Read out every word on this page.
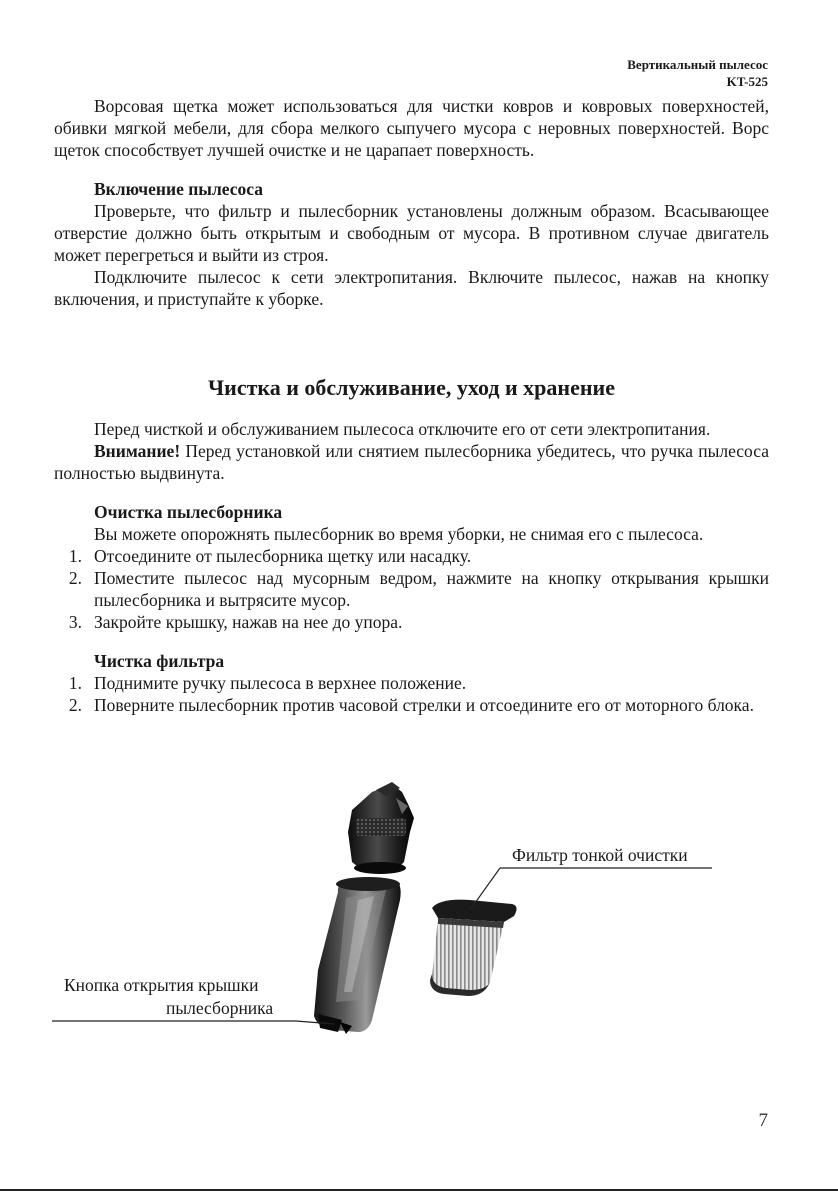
Вертикальный пылесос
KT-525

Ворсовая щетка может использоваться для чистки ковров и ковровых поверхностей, обивки мягкой мебели, для сбора мелкого сыпучего мусора с неровных поверхностей. Ворс щеток способствует лучшей очистке и не царапает поверхность.

Включение пылесоса

Проверьте, что фильтр и пылесборник установлены должным образом. Всасывающее отверстие должно быть открытым и свободным от мусора. В противном случае двигатель может перегреться и выйти из строя.

Подключите пылесос к сети электропитания. Включите пылесос, нажав на кнопку включения, и приступайте к уборке.

Чистка и обслуживание, уход и хранение

Перед чисткой и обслуживанием пылесоса отключите его от сети электропитания.

Внимание! Перед установкой или снятием пылесборника убедитесь, что ручка пылесоса полностью выдвинута.

Очистка пылесборника

Вы можете опорожнять пылесборник во время уборки, не снимая его с пылесоса.

1. Отсоедините от пылесборника щетку или насадку.
2. Поместите пылесос над мусорным ведром, нажмите на кнопку открывания крышки пылесборника и вытрясите мусор.
3. Закройте крышку, нажав на нее до упора.
Чистка фильтра
1. Поднимите ручку пылесоса в верхнее положение.
2. Поверните пылесборник против часовой стрелки и отсоедините его от моторного блока.
Фильтр тонкой очистки
Кнопка открытия крышки
пылесборника
7
